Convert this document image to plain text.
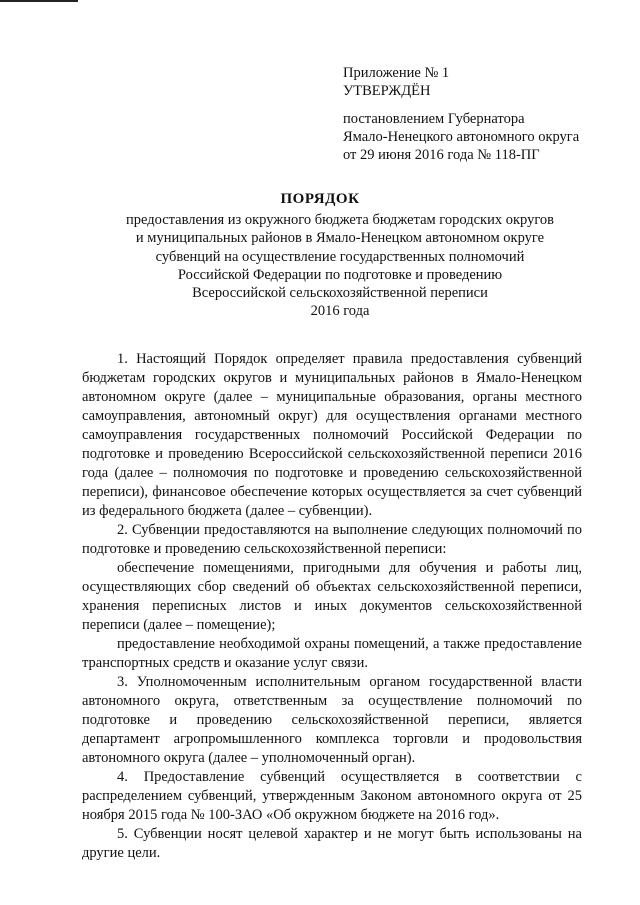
Приложение № 1
УТВЕРЖДЁН
постановлением Губернатора
Ямало-Ненецкого автономного округа
от 29 июня 2016 года № 118-ПГ
ПОРЯДОК
предоставления из окружного бюджета бюджетам городских округов
и муниципальных районов в Ямало-Ненецком автономном округе
субвенций на осуществление государственных полномочий
Российской Федерации по подготовке и проведению
Всероссийской сельскохозяйственной переписи
2016 года

1. Настоящий Порядок определяет правила предоставления субвенций бюджетам городских округов и муниципальных районов в Ямало-Ненецком автономном округе (далее – муниципальные образования, органы местного самоуправления, автономный округ) для осуществления органами местного самоуправления государственных полномочий Российской Федерации по подготовке и проведению Всероссийской сельскохозяйственной переписи 2016 года (далее – полномочия по подготовке и проведению сельскохозяйственной переписи), финансовое обеспечение которых осуществляется за счет субвенций из федерального бюджета (далее – субвенции).

2. Субвенции предоставляются на выполнение следующих полномочий по подготовке и проведению сельскохозяйственной переписи:

обеспечение помещениями, пригодными для обучения и работы лиц, осуществляющих сбор сведений об объектах сельскохозяйственной переписи, хранения переписных листов и иных документов сельскохозяйственной переписи (далее – помещение);

предоставление необходимой охраны помещений, а также предоставление транспортных средств и оказание услуг связи.

3. Уполномоченным исполнительным органом государственной власти автономного округа, ответственным за осуществление полномочий по подготовке и проведению сельскохозяйственной переписи, является департамент агропромышленного комплекса торговли и продовольствия автономного округа (далее – уполномоченный орган).

4. Предоставление субвенций осуществляется в соответствии с распределением субвенций, утвержденным Законом автономного округа от 25 ноября 2015 года № 100-ЗАО «Об окружном бюджете на 2016 год».

5. Субвенции носят целевой характер и не могут быть использованы на другие цели.
